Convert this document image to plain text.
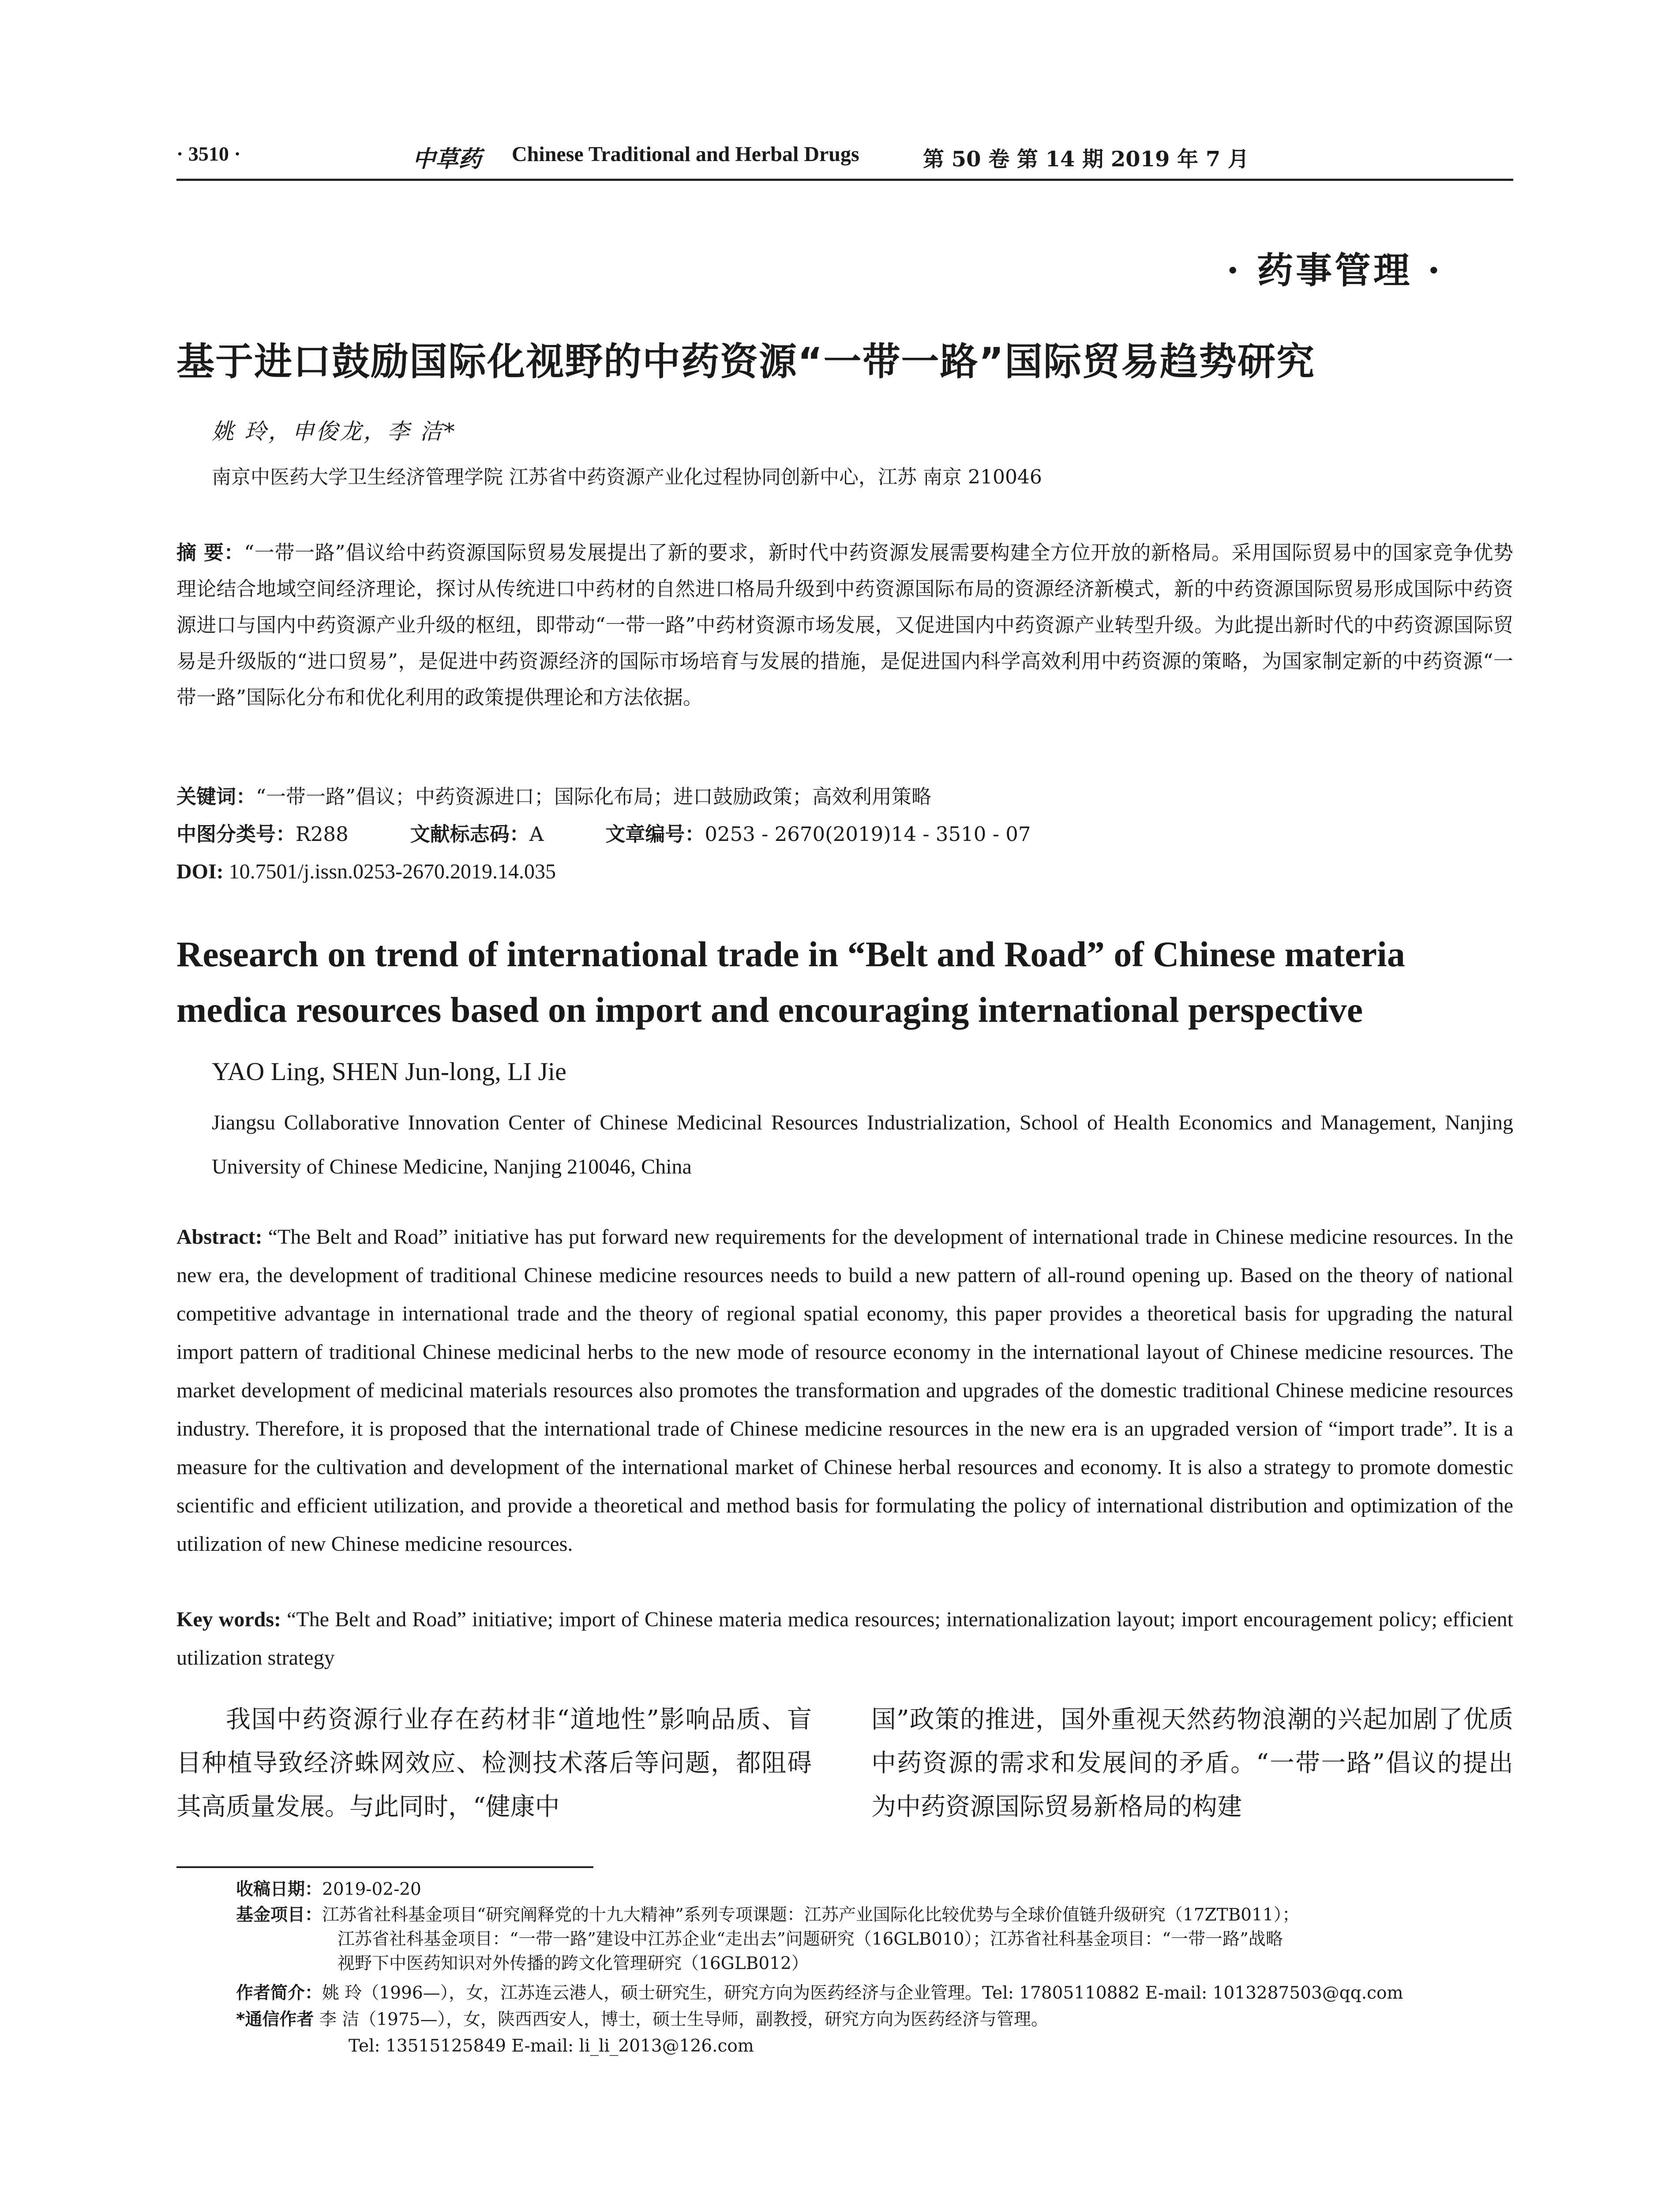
· 3510 ·	中草药 Chinese Traditional and Herbal Drugs	第 50 卷 第 14 期 2019 年 7 月
· 药事管理 ·
基于进口鼓励国际化视野的中药资源“一带一路”国际贸易趋势研究
姚 玲，申俊龙，李 洁*
南京中医药大学卫生经济管理学院 江苏省中药资源产业化过程协同创新中心，江苏 南京 210046
摘 要：“一带一路”倡议给中药资源国际贸易发展提出了新的要求，新时代中药资源发展需要构建全方位开放的新格局。采用国际贸易中的国家竞争优势理论结合地域空间经济理论，探讨从传统进口中药材的自然进口格局升级到中药资源国际布局的资源经济新模式，新的中药资源国际贸易形成国际中药资源进口与国内中药资源产业升级的枢纽，即带动“一带一路”中药材资源市场发展，又促进国内中药资源产业转型升级。为此提出新时代的中药资源国际贸易是升级版的“进口贸易”，是促进中药资源经济的国际市场培育与发展的措施，是促进国内科学高效利用中药资源的策略，为国家制定新的中药资源“一带一路”国际化分布和优化利用的政策提供理论和方法依据。
关键词：“一带一路”倡议；中药资源进口；国际化布局；进口鼓励政策；高效利用策略
中图分类号：R288	文献标志码：A	文章编号：0253 - 2670(2019)14 - 3510 - 07
DOI: 10.7501/j.issn.0253-2670.2019.14.035
Research on trend of international trade in “Belt and Road” of Chinese materia medica resources based on import and encouraging international perspective
YAO Ling, SHEN Jun-long, LI Jie
Jiangsu Collaborative Innovation Center of Chinese Medicinal Resources Industrialization, School of Health Economics and Management, Nanjing University of Chinese Medicine, Nanjing 210046, China
Abstract: “The Belt and Road” initiative has put forward new requirements for the development of international trade in Chinese medicine resources. In the new era, the development of traditional Chinese medicine resources needs to build a new pattern of all-round opening up. Based on the theory of national competitive advantage in international trade and the theory of regional spatial economy, this paper provides a theoretical basis for upgrading the natural import pattern of traditional Chinese medicinal herbs to the new mode of resource economy in the international layout of Chinese medicine resources. The market development of medicinal materials resources also promotes the transformation and upgrades of the domestic traditional Chinese medicine resources industry. Therefore, it is proposed that the international trade of Chinese medicine resources in the new era is an upgraded version of “import trade”. It is a measure for the cultivation and development of the international market of Chinese herbal resources and economy. It is also a strategy to promote domestic scientific and efficient utilization, and provide a theoretical and method basis for formulating the policy of international distribution and optimization of the utilization of new Chinese medicine resources.
Key words: “The Belt and Road” initiative; import of Chinese materia medica resources; internationalization layout; import encouragement policy; efficient utilization strategy
我国中药资源行业存在药材非“道地性”影响品质、盲目种植导致经济蛛网效应、检测技术落后等问题，都阻碍其高质量发展。与此同时，“健康中
国”政策的推进，国外重视天然药物浪潮的兴起加剧了优质中药资源的需求和发展间的矛盾。“一带一路”倡议的提出为中药资源国际贸易新格局的构建
收稿日期：2019-02-20
基金项目：江苏省社科基金项目“研究阐释党的十九大精神”系列专项课题：江苏产业国际化比较优势与全球价值链升级研究（17ZTB011）；
江苏省社科基金项目：“一带一路”建设中江苏企业“走出去”问题研究（16GLB010）；江苏省社科基金项目：“一带一路”战略
视野下中医药知识对外传播的跨文化管理研究（16GLB012）
作者简介：姚 玲（1996—），女，江苏连云港人，硕士研究生，研究方向为医药经济与企业管理。Tel: 17805110882 E-mail: 1013287503@qq.com
*通信作者 李 洁（1975—），女，陕西西安人，博士，硕士生导师，副教授，研究方向为医药经济与管理。
Tel: 13515125849 E-mail: li_li_2013@126.com
